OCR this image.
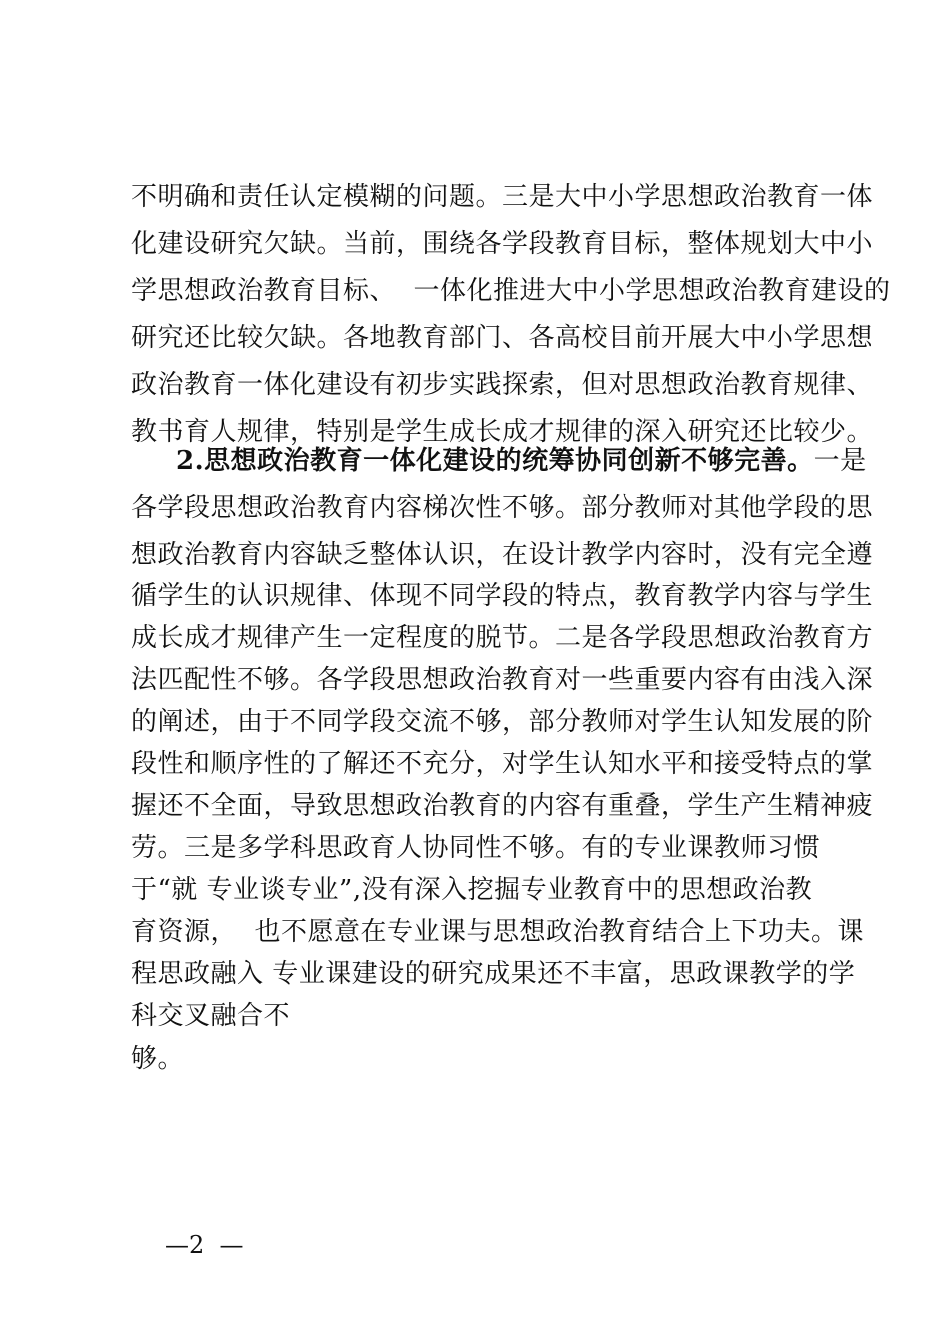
不明确和责任认定模糊的问题。三是大中小学思想政治教育一体
化建设研究欠缺。当前，围绕各学段教育目标，整体规划大中小
学思想政治教育目标、  一体化推进大中小学思想政治教育建设的
研究还比较欠缺。各地教育部门、各高校目前开展大中小学思想
政治教育一体化建设有初步实践探索，但对思想政治教育规律、
教书育人规律，特别是学生成长成才规律的深入研究还比较少。
2.思想政治教育一体化建设的统筹协同创新不够完善。一是
各学段思想政治教育内容梯次性不够。部分教师对其他学段的思
想政治教育内容缺乏整体认识，在设计教学内容时，没有完全遵
循学生的认识规律、体现不同学段的特点，教育教学内容与学生
成长成才规律产生一定程度的脱节。二是各学段思想政治教育方
法匹配性不够。各学段思想政治教育对一些重要内容有由浅入深
的阐述，由于不同学段交流不够，部分教师对学生认知发展的阶
段性和顺序性的了解还不充分，对学生认知水平和接受特点的掌
握还不全面，导致思想政治教育的内容有重叠，学生产生精神疲
劳。三是多学科思政育人协同性不够。有的专业课教师习惯
于“就 专业谈专业”,没有深入挖掘专业教育中的思想政治教
育资源，  也不愿意在专业课与思想政治教育结合上下功夫。课
程思政融入 专业课建设的研究成果还不丰富，思政课教学的学
科交叉融合不
够。
—2  —
